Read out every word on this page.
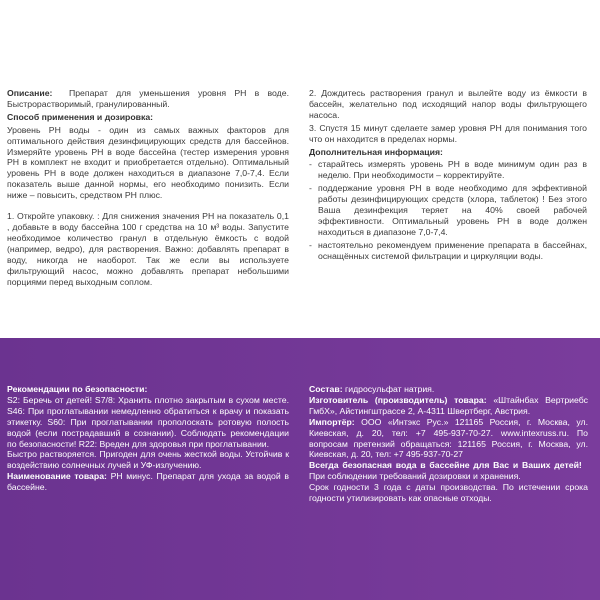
Описание: Препарат для уменьшения уровня PH в воде. Быстрорастворимый, гранулированный.

Способ применения и дозировка:

Уровень PH воды - один из самых важных факторов для оптимального действия дезинфицирующих средств для бассейнов. Измеряйте уровень PH в воде бассейна (тестер измерения уровня PH в комплект не входит и приобретается отдельно). Оптимальный уровень PH в воде должен находиться в диапазоне 7,0-7,4. Если показатель выше данной нормы, его необходимо понизить. Если ниже – повысить, средством PH плюс.

1. Откройте упаковку. : Для снижения значения PH на показатель 0,1 , добавьте в воду бассейна 100 г средства на 10 м³ воды. Запустите необходимое количество гранул в отдельную ёмкость с водой (например, ведро), для растворения. Важно: добавлять препарат в воду, никогда не наоборот. Так же если вы используете фильтрующий насос, можно добавлять препарат небольшими порциями перед выходным соплом.

2. Дождитесь растворения гранул и вылейте воду из ёмкости в бассейн, желательно под исходящий напор воды фильтрующего насоса.

3. Спустя 15 минут сделаете замер уровня PH для понимания того что он находится в пределах нормы.

Дополнительная информация:

- старайтесь измерять уровень PH в воде минимум один раз в неделю. При необходимости – корректируйте.
- поддержание уровня PH в воде необходимо для эффективной работы дезинфицирующих средств (хлора, таблеток) ! Без этого Ваша дезинфекция теряет на 40% своей рабочей эффективности. Оптимальный уровень PH в воде должен находиться в диапазоне 7,0-7,4.
- настоятельно рекомендуем применение препарата в бассейнах, оснащённых системой фильтрации и циркуляции воды.

Рекомендации по безопасности:

S2: Беречь от детей! S7/8: Хранить плотно закрытым в сухом месте. S46: При проглатывании немедленно обратиться к врачу и показать этикетку. S60: При проглатывании прополоскать ротовую полость водой (если пострадавший в сознании). Соблюдать рекомендации по безопасности! R22: Вреден для здоровья при проглатывании.

Быстро растворяется. Пригоден для очень жесткой воды. Устойчив к воздействию солнечных лучей и УФ-излучению.

Наименование товара: PH минус. Препарат для ухода за водой в бассейне.

Состав: гидросульфат натрия.

Изготовитель (производитель) товара: «Штайнбах Вертриебс ГмбХ», Айстингштрассе 2, А-4311 Швертберг, Австрия.

Импортёр: ООО «Интэкс Рус.» 121165 Россия, г. Москва, ул. Киевская, д. 20, тел: +7 495-937-70-27. www.intexruss.ru. По вопросам претензий обращаться: 121165 Россия, г. Москва, ул. Киевская, д. 20, тел: +7 495-937-70-27

Всегда безопасная вода в бассейне для Вас и Ваших детей!   При соблюдении требований дозировки и хранения.

Срок годности 3 года с даты производства. По истечении срока годности утилизировать как опасные отходы.
